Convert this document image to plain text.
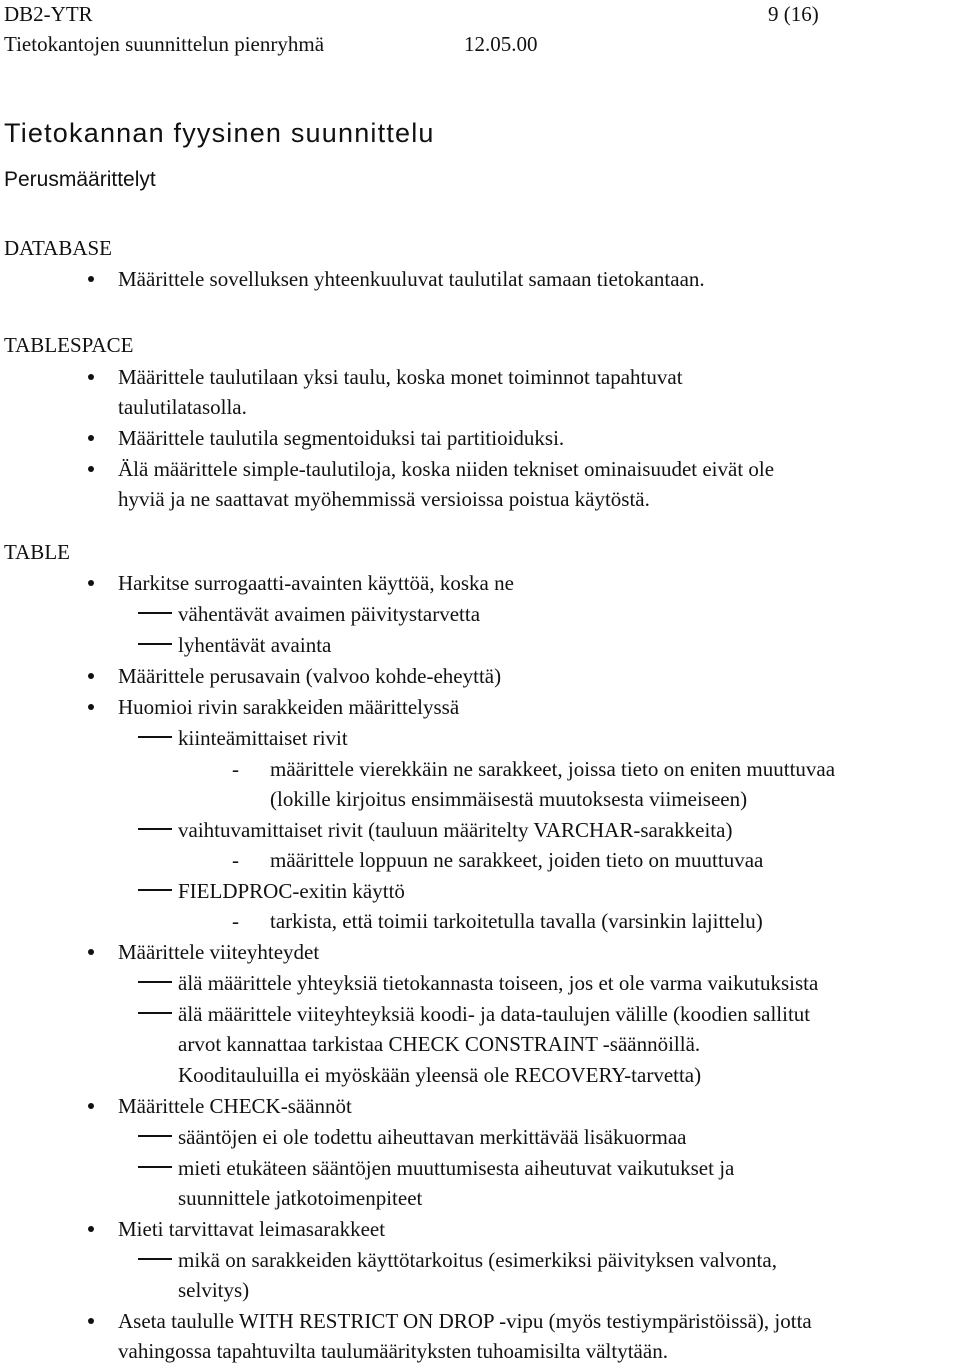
DB2-YTR	9 (16)
Tietokantojen suunnittelun pienryhmä	12.05.00
Tietokannan fyysinen suunnittelu
Perusmäärittelyt
DATABASE
Määrittele sovelluksen yhteenkuuluvat taulutilat samaan tietokantaan.
TABLESPACE
Määrittele taulutilaan yksi taulu, koska monet toiminnot tapahtuvat
taulutilatasolla.
Määrittele taulutila segmentoiduksi tai partitioiduksi.
Älä määrittele simple-taulutiloja, koska niiden tekniset ominaisuudet eivät ole
hyviä ja ne saattavat myöhemmissä versioissa poistua käytöstä.
TABLE
Harkitse surrogaatti-avainten käyttöä, koska ne
vähentävät avaimen päivitystarvetta
lyhentävät avainta
Määrittele perusavain (valvoo kohde-eheyttä)
Huomioi rivin sarakkeiden määrittelyssä
kiinteämittaiset rivit
- määrittele vierekkäin ne sarakkeet, joissa tieto on eniten muuttuvaa
(lokille kirjoitus ensimmäisestä muutoksesta viimeiseen)
vaihtuvamittaiset rivit (tauluun määritelty VARCHAR-sarakkeita)
- määrittele loppuun ne sarakkeet, joiden tieto on muuttuvaa
FIELDPROC-exitin käyttö
- tarkista, että toimii tarkoitetulla tavalla (varsinkin lajittelu)
Määrittele viiteyhteydet
älä määrittele yhteyksiä tietokannasta toiseen, jos et ole varma vaikutuksista
älä määrittele viiteyhteyksiä koodi- ja data-taulujen välille (koodien sallitut
arvot kannattaa tarkistaa CHECK CONSTRAINT -säännöillä.
Kooditauluilla ei myöskään yleensä ole RECOVERY-tarvetta)
Määrittele CHECK-säännöt
sääntöjen ei ole todettu aiheuttavan merkittävää lisäkuormaa
mieti etukäteen sääntöjen muuttumisesta aiheutuvat vaikutukset ja
suunnittele jatkotoimenpiteet
Mieti tarvittavat leimasarakkeet
mikä on sarakkeiden käyttötarkoitus (esimerkiksi päivityksen valvonta,
selvitys)
Aseta taululle WITH RESTRICT ON DROP -vipu (myös testiympäristöissä), jotta
vahingossa tapahtuvilta taulumäärityksten tuhoamisilta vältytään.
